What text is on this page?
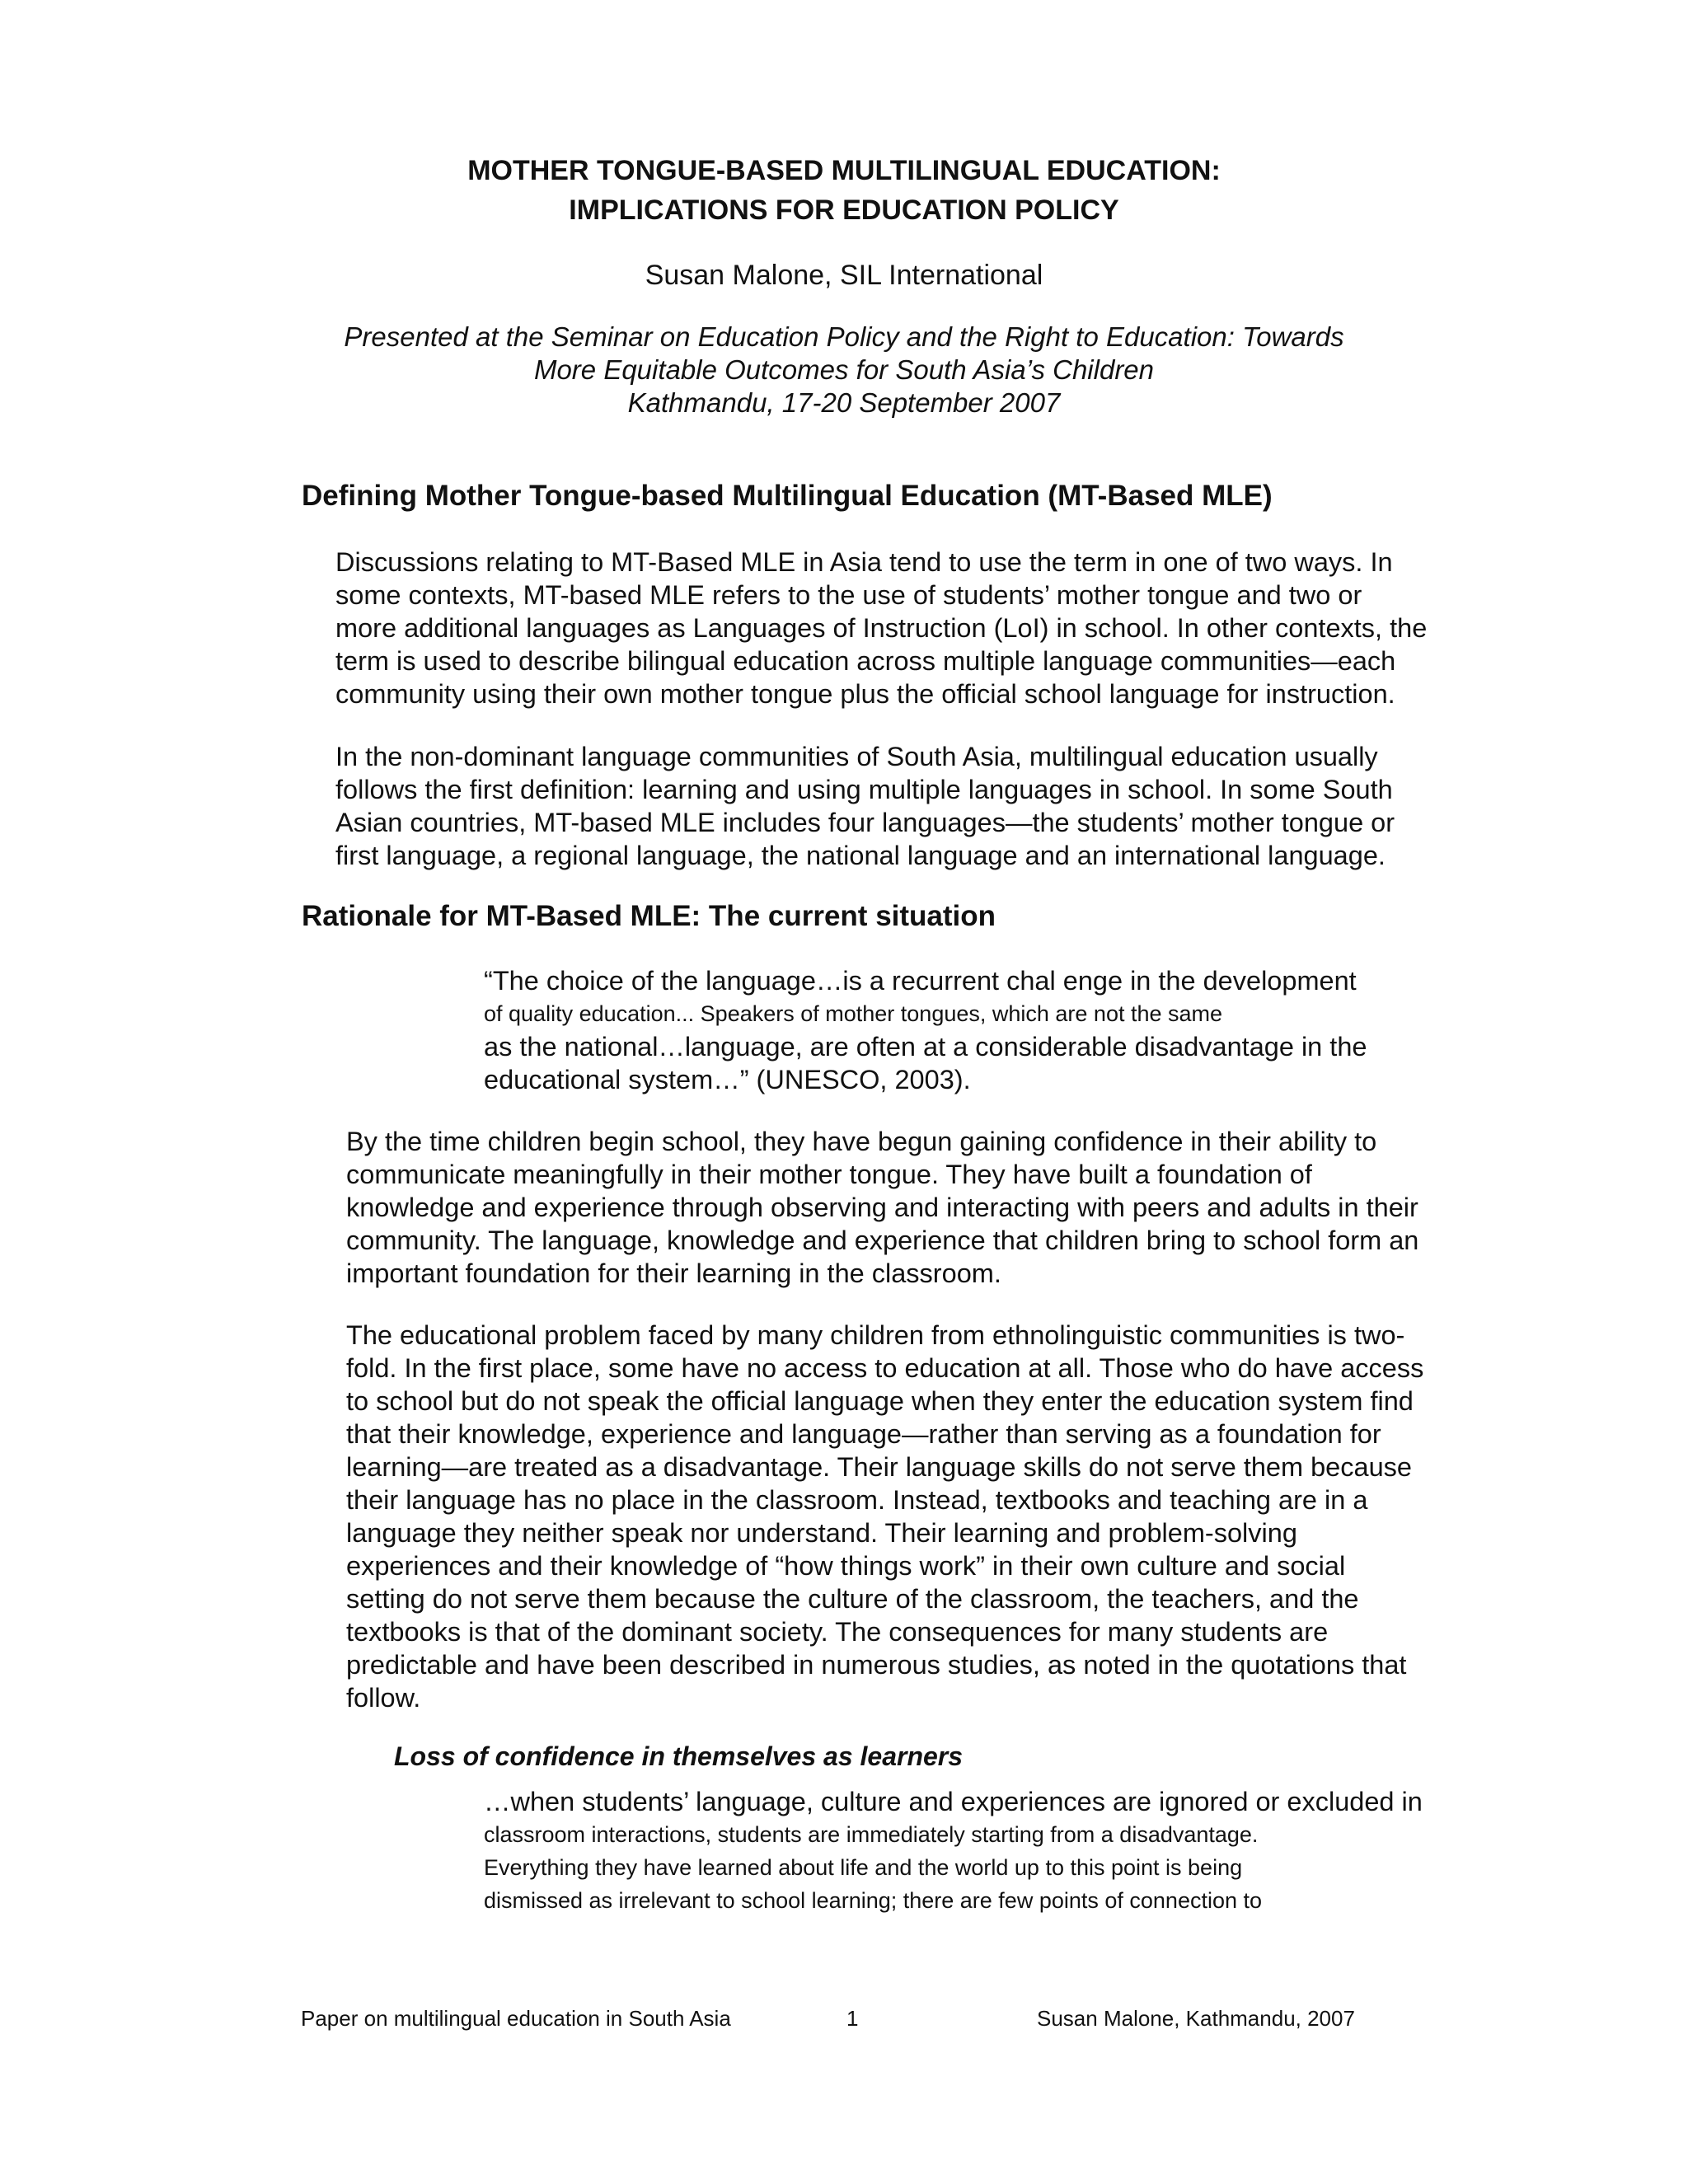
MOTHER TONGUE-BASED MULTILINGUAL EDUCATION:
IMPLICATIONS FOR EDUCATION POLICY
Susan Malone, SIL International
Presented at the Seminar on Education Policy and the Right to Education: Towards
More Equitable Outcomes for South Asia’s Children
Kathmandu, 17-20 September 2007
Defining Mother Tongue-based Multilingual Education (MT-Based MLE)
Discussions relating to MT-Based MLE in Asia tend to use the term in one of two ways. In
some contexts, MT-based MLE refers to the use of students’ mother tongue and two or
more additional languages as Languages of Instruction (LoI) in school. In other contexts, the
term is used to describe bilingual education across multiple language communities—each
community using their own mother tongue plus the official school language for instruction.
In the non-dominant language communities of South Asia, multilingual education usually
follows the first definition: learning and using multiple languages in school. In some South
Asian countries, MT-based MLE includes four languages—the students’ mother tongue or
first language, a regional language, the national language and an international language.
Rationale for MT-Based MLE: The current situation
“The choice of the language…is a recurrent chal enge in the development
of quality education... Speakers of mother tongues, which are not the same
as the national…language, are often at a considerable disadvantage in the
educational system…” (UNESCO, 2003).
By the time children begin school, they have begun gaining confidence in their ability to
communicate meaningfully in their mother tongue. They have built a foundation of
knowledge and experience through observing and interacting with peers and adults in their
community. The language, knowledge and experience that children bring to school form an
important foundation for their learning in the classroom.
The educational problem faced by many children from ethnolinguistic communities is two-
fold. In the first place, some have no access to education at all. Those who do have access
to school but do not speak the official language when they enter the education system find
that their knowledge, experience and language—rather than serving as a foundation for
learning—are treated as a disadvantage. Their language skills do not serve them because
their language has no place in the classroom. Instead, textbooks and teaching are in a
language they neither speak nor understand. Their learning and problem-solving
experiences and their knowledge of “how things work” in their own culture and social
setting do not serve them because the culture of the classroom, the teachers, and the
textbooks is that of the dominant society. The consequences for many students are
predictable and have been described in numerous studies, as noted in the quotations that
follow.
Loss of confidence in themselves as learners
…when students’ language, culture and experiences are ignored or excluded in
classroom interactions, students are immediately starting from a disadvantage.
Everything they have learned about life and the world up to this point is being
dismissed as irrelevant to school learning; there are few points of connection to
Paper on multilingual education in South Asia	1	Susan Malone, Kathmandu, 2007
